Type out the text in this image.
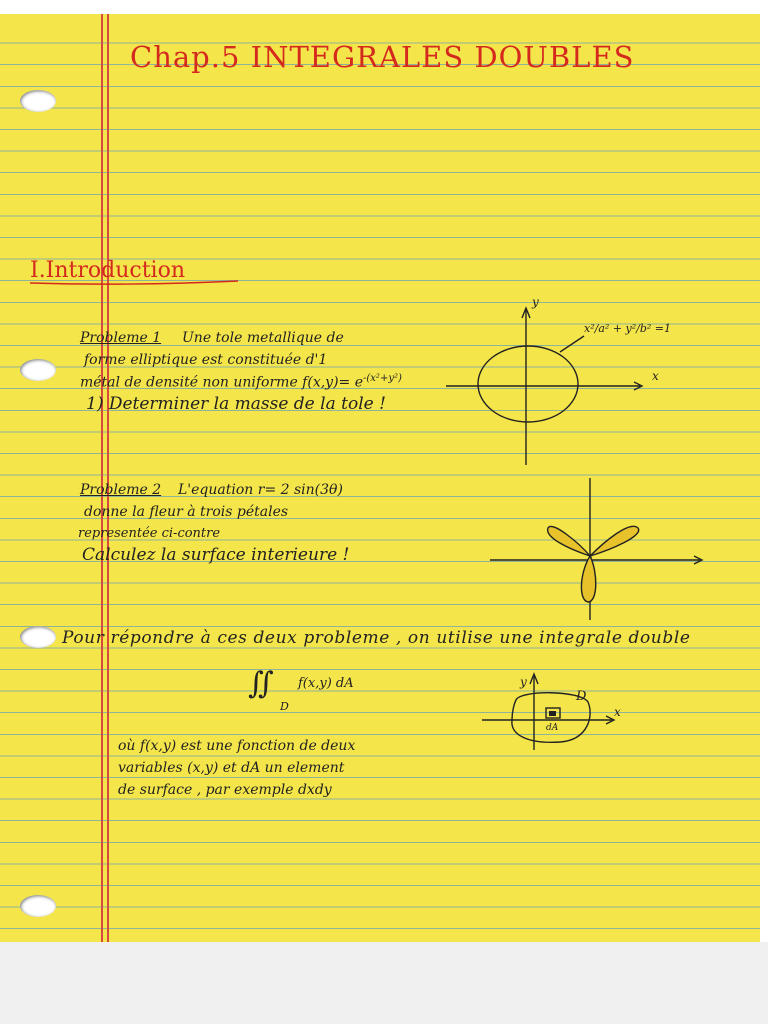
Chap.5 INTEGRALES DOUBLES
I.Introduction
Probleme 1 Une tole metallique de
forme elliptique est constituée d'1
métal de densité non uniforme $f(x,y)= e^{-(x^2+y^2)}$
1) Determiner la masse de la tole !
Probleme 2 L'equation r= 2 sin(3θ)
donne la fleur à trois pétales
representée ci-contre
Calculez la surface interieure !
Pour répondre à ces deux probleme , on utilise une integrale double
∬
D
f(x,y) dA
où f(x,y) est une fonction de deux
variables (x,y) et dA un element
de surface , par exemple dxdy
y
x
x²/a² + y²/b² =1
y
x
D
dA
